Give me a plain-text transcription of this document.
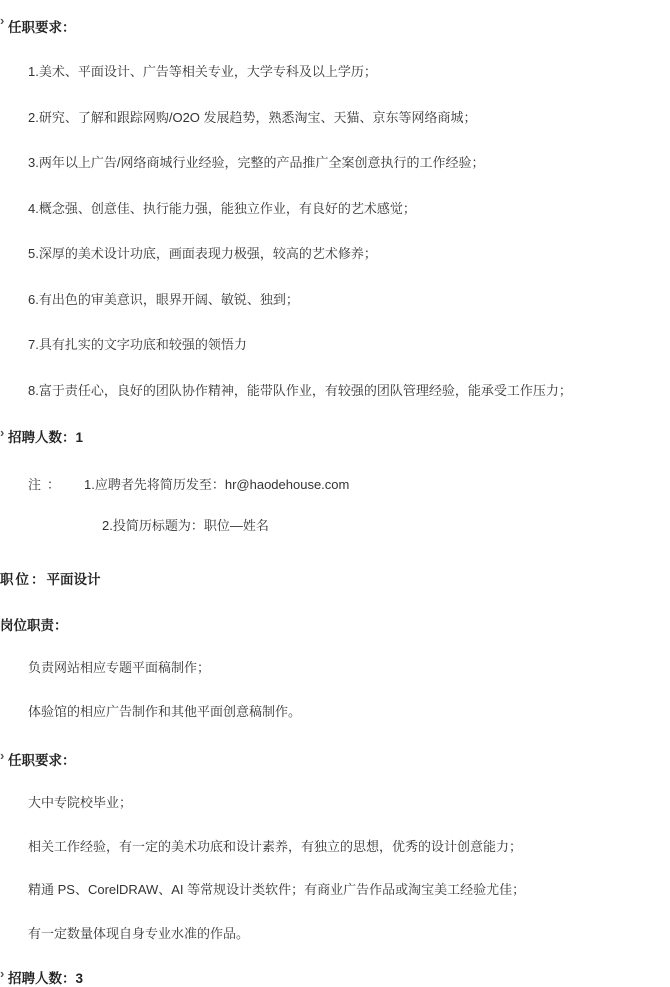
› 任职要求：
1.美术、平面设计、广告等相关专业，大学专科及以上学历；
2.研究、了解和跟踪网购/O2O 发展趋势，熟悉淘宝、天猫、京东等网络商城；
3.两年以上广告/网络商城行业经验，完整的产品推广全案创意执行的工作经验；
4.概念强、创意佳、执行能力强，能独立作业，有良好的艺术感觉；
5.深厚的美术设计功底，画面表现力极强，较高的艺术修养；
6.有出色的审美意识，眼界开阔、敏锐、独到；
7.具有扎实的文字功底和较强的领悟力
8.富于责任心，良好的团队协作精神，能带队作业，有较强的团队管理经验，能承受工作压力；
› 招聘人数：1
注： 1.应聘者先将简历发至：hr@haodehouse.com
2.投简历标题为：职位—姓名
职位：平面设计
岗位职责：
负责网站相应专题平面稿制作；
体验馆的相应广告制作和其他平面创意稿制作。
› 任职要求：
大中专院校毕业；
相关工作经验，有一定的美术功底和设计素养，有独立的思想，优秀的设计创意能力；
精通 PS、CorelDRAW、AI 等常规设计类软件；有商业广告作品或淘宝美工经验尤佳；
有一定数量体现自身专业水准的作品。
› 招聘人数：3
